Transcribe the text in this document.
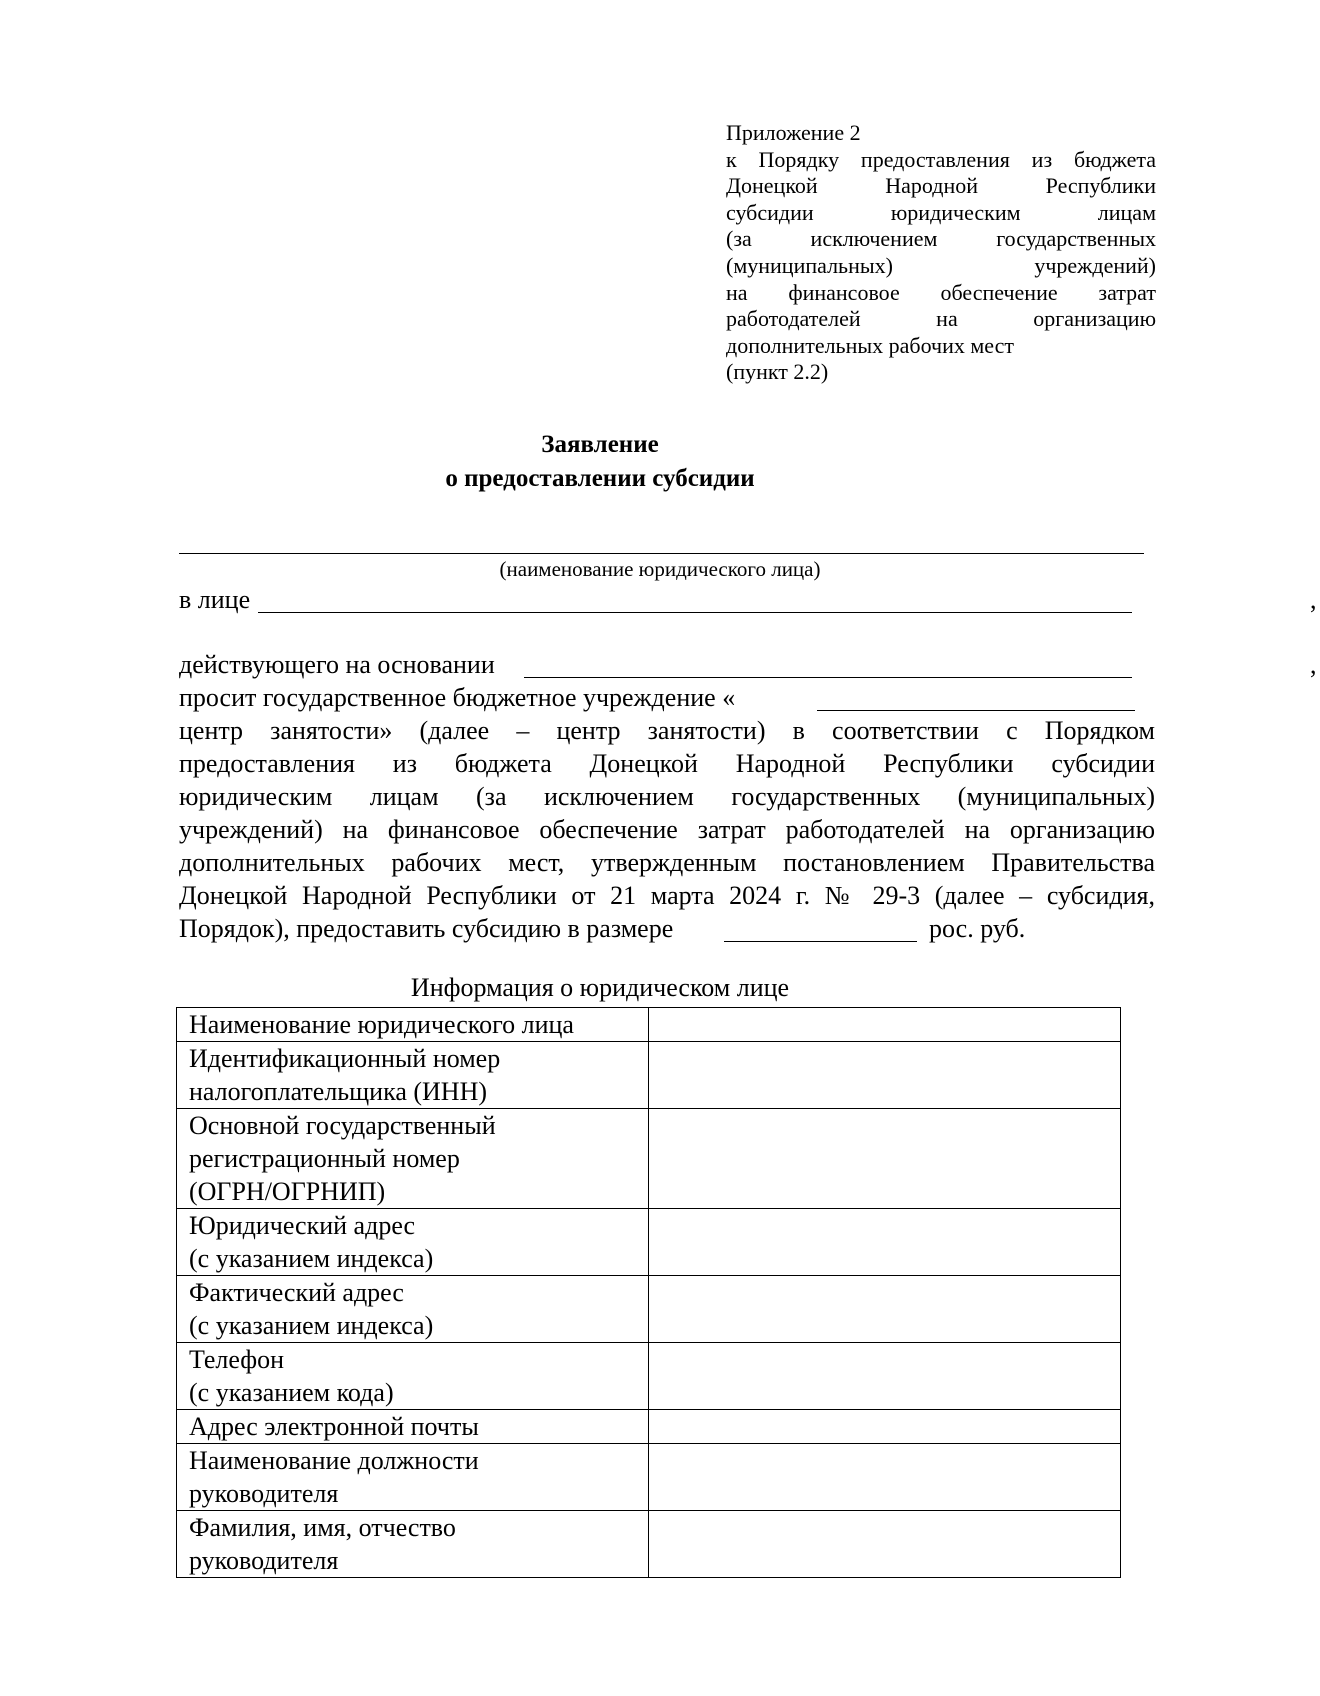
Приложение 2
к Порядку предоставления из бюджета
Донецкой Народной Республики
субсидии юридическим лицам
(за исключением государственных
(муниципальных) учреждений)
на финансовое обеспечение затрат
работодателей на организацию
дополнительных рабочих мест
(пункт 2.2)
Заявление
о предоставлении субсидии
(наименование юридического лица)
в лице	,
действующего на основании	,
просит государственное бюджетное учреждение «
центр занятости» (далее – центр занятости) в соответствии с Порядком
предоставления из бюджета Донецкой Народной Республики субсидии
юридическим лицам (за исключением государственных (муниципальных)
учреждений) на финансовое обеспечение затрат работодателей на организацию
дополнительных рабочих мест, утвержденным постановлением Правительства
Донецкой Народной Республики от 21 марта 2024 г. № 29-3 (далее – субсидия,
Порядок), предоставить субсидию в размере	рос. руб.
Информация о юридическом лице
Наименование юридического лица	

Идентификационный номер
налогоплательщика (ИНН)	

Основной государственный
регистрационный номер
(ОГРН/ОГРНИП)	

Юридический адрес
(с указанием индекса)	

Фактический адрес
(с указанием индекса)	

Телефон
(с указанием кода)	

Адрес электронной почты	

Наименование должности
руководителя	

Фамилия, имя, отчество
руководителя	
